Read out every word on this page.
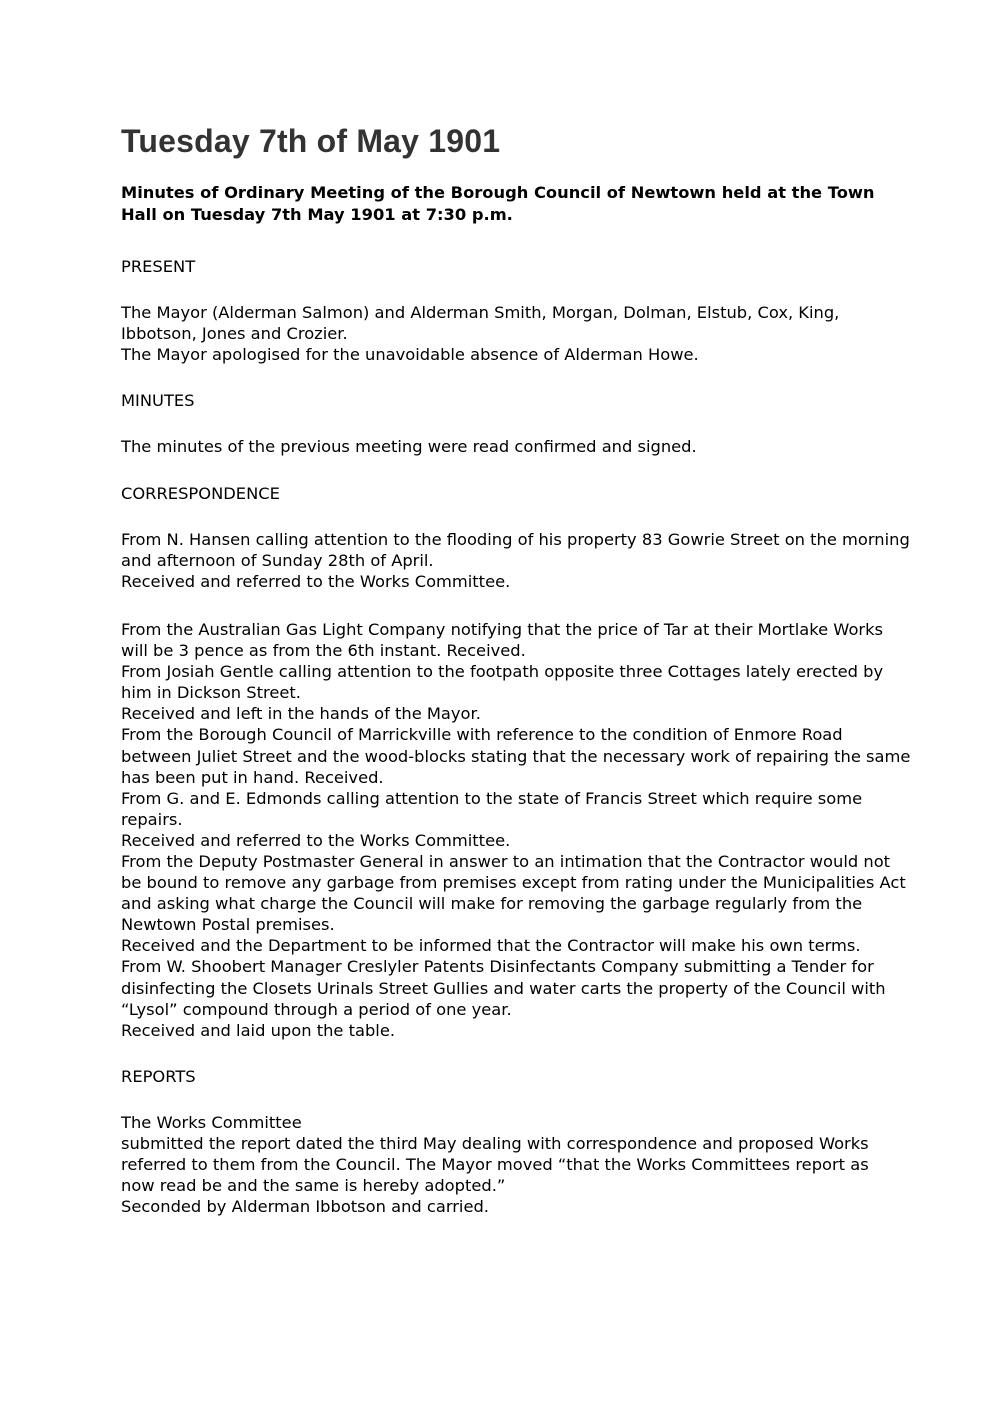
Tuesday 7th of May 1901

Minutes of Ordinary Meeting of the Borough Council of Newtown held at the Town
Hall on Tuesday 7th May 1901 at 7:30 p.m.

PRESENT

The Mayor (Alderman Salmon) and Alderman Smith, Morgan, Dolman, Elstub, Cox, King,
Ibbotson, Jones and Crozier.
The Mayor apologised for the unavoidable absence of Alderman Howe.

MINUTES

The minutes of the previous meeting were read confirmed and signed.

CORRESPONDENCE

From N. Hansen calling attention to the flooding of his property 83 Gowrie Street on the morning
and afternoon of Sunday 28th of April.
Received and referred to the Works Committee.

From the Australian Gas Light Company notifying that the price of Tar at their Mortlake Works
will be 3 pence as from the 6th instant. Received.
From Josiah Gentle calling attention to the footpath opposite three Cottages lately erected by
him in Dickson Street.
Received and left in the hands of the Mayor.
From the Borough Council of Marrickville with reference to the condition of Enmore Road
between Juliet Street and the wood-blocks stating that the necessary work of repairing the same
has been put in hand. Received.
From G. and E. Edmonds calling attention to the state of Francis Street which require some
repairs.
Received and referred to the Works Committee.
From the Deputy Postmaster General in answer to an intimation that the Contractor would not
be bound to remove any garbage from premises except from rating under the Municipalities Act
and asking what charge the Council will make for removing the garbage regularly from the
Newtown Postal premises.
Received and the Department to be informed that the Contractor will make his own terms.
From W. Shoobert Manager Creslyler Patents Disinfectants Company submitting a Tender for
disinfecting the Closets Urinals Street Gullies and water carts the property of the Council with
“Lysol” compound through a period of one year.
Received and laid upon the table.

REPORTS

The Works Committee
submitted the report dated the third May dealing with correspondence and proposed Works
referred to them from the Council. The Mayor moved “that the Works Committees report as
now read be and the same is hereby adopted.”
Seconded by Alderman Ibbotson and carried.
